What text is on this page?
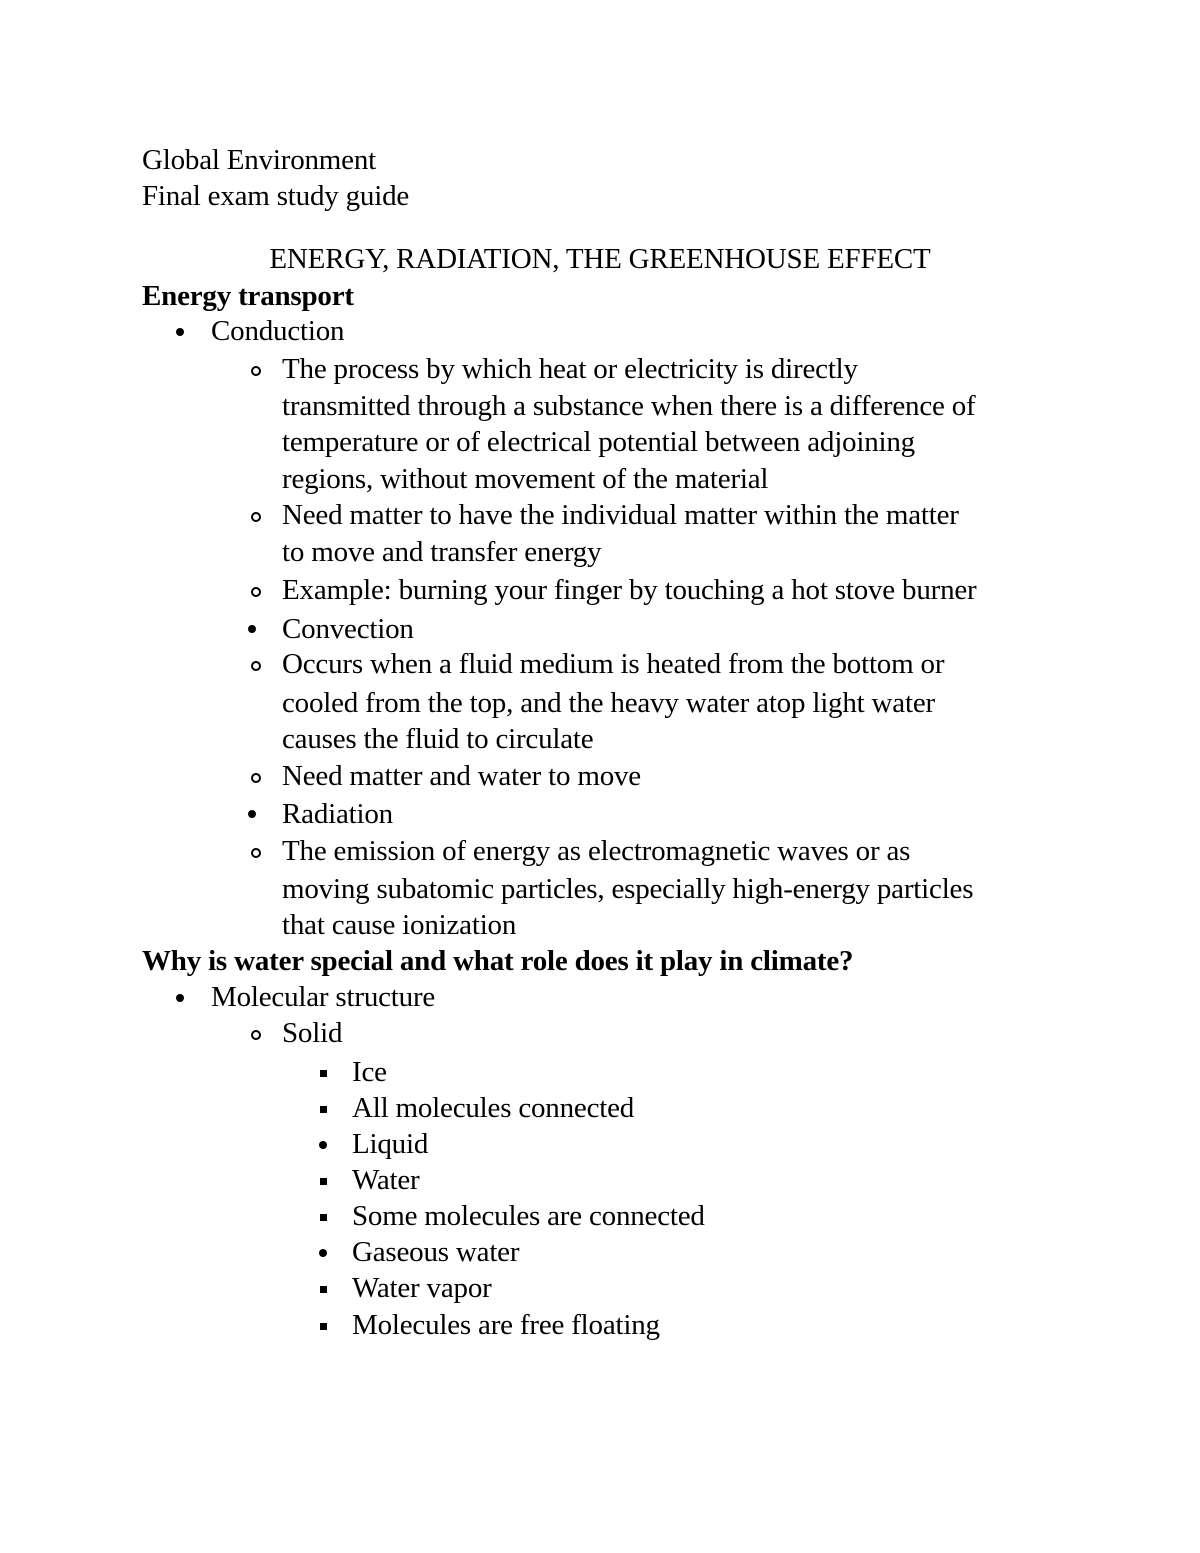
Global Environment
Final exam study guide
ENERGY, RADIATION, THE GREENHOUSE EFFECT
Energy transport
Conduction
The process by which heat or electricity is directly
transmitted through a substance when there is a difference of
temperature or of electrical potential between adjoining
regions, without movement of the material
Need matter to have the individual matter within the matter
to move and transfer energy
Example: burning your finger by touching a hot stove burner
Convection
Occurs when a fluid medium is heated from the bottom or
cooled from the top, and the heavy water atop light water
causes the fluid to circulate
Need matter and water to move
Radiation
The emission of energy as electromagnetic waves or as
moving subatomic particles, especially high-energy particles
that cause ionization
Why is water special and what role does it play in climate?
Molecular structure
Solid
Ice
All molecules connected
Liquid
Water
Some molecules are connected
Gaseous water
Water vapor
Molecules are free floating
